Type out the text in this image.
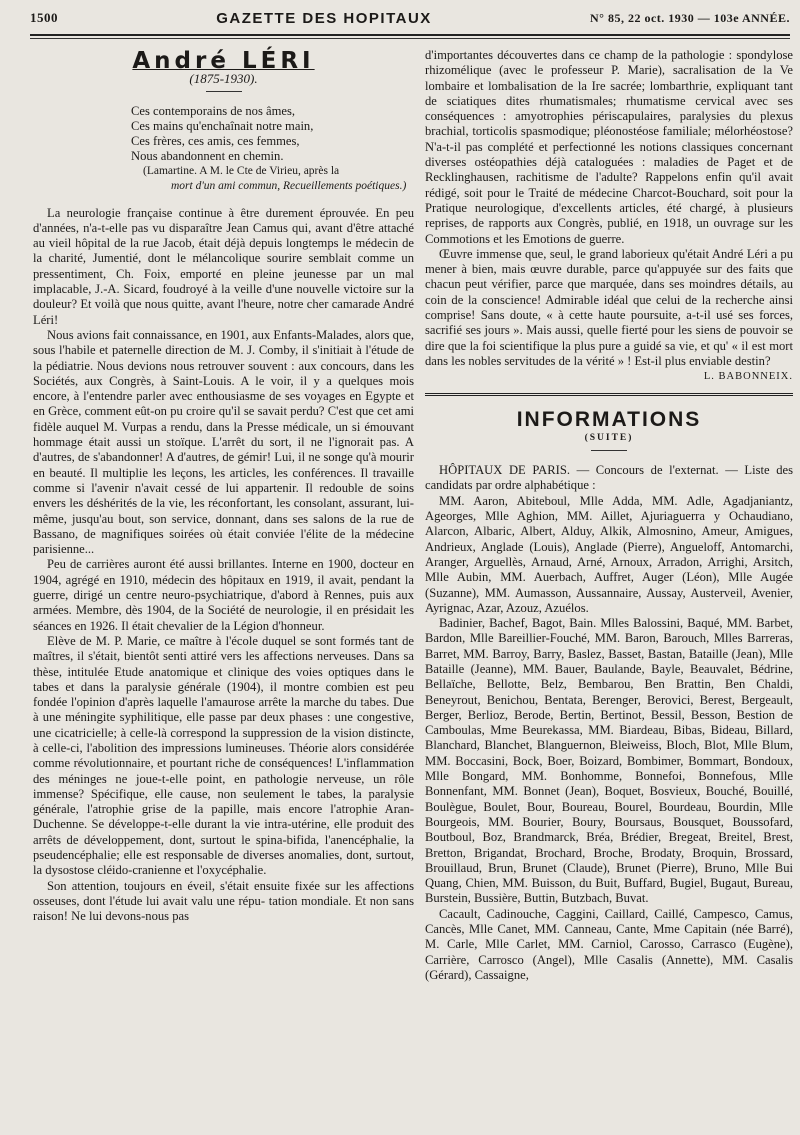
1500	GAZETTE DES HOPITAUX	N° 85, 22 oct. 1930 — 103e ANNÉE.
André LÉRI
(1875-1930).
Ces contemporains de nos âmes,
Ces mains qu'enchaînait notre main,
Ces frères, ces amis, ces femmes,
Nous abandonnent en chemin.
(Lamartine. A M. le Cte de Virieu, après la
mort d'un ami commun, Recueillements poétiques.)

La neurologie française continue à être durement éprouvée. En peu d'années, n'a-t-elle pas vu disparaître Jean Camus qui, avant d'être attaché au vieil hôpital de la rue Jacob, était déjà depuis longtemps le médecin de la charité, Jumentié, dont le mélancolique sourire semblait comme un pressentiment, Ch. Foix, emporté en pleine jeunesse par un mal implacable, J.-A. Sicard, foudroyé à la veille d'une nouvelle victoire sur la douleur? Et voilà que nous quitte, avant l'heure, notre cher camarade André Léri!

Nous avions fait connaissance, en 1901, aux Enfants-Malades, alors que, sous l'habile et paternelle direction de M. J. Comby, il s'initiait à l'étude de la pédiatrie. Nous devions nous retrouver souvent : aux concours, dans les Sociétés, aux Congrès, à Saint-Louis. A le voir, il y a quelques mois encore, à l'entendre parler avec enthousiasme de ses voyages en Egypte et en Grèce, comment eût-on pu croire qu'il se savait perdu? C'est que cet ami fidèle auquel M. Vurpas a rendu, dans la Presse médicale, un si émouvant hommage était aussi un stoïque. L'arrêt du sort, il ne l'ignorait pas. A d'autres, de s'abandonner! A d'autres, de gémir! Lui, il ne songe qu'à mourir en beauté. Il multiplie les leçons, les articles, les conférences. Il travaille comme si l'avenir n'avait cessé de lui appartenir. Il redouble de soins envers les déshérités de la vie, les réconfortant, les consolant, assurant, lui-même, jusqu'au bout, son service, donnant, dans ses salons de la rue de Bassano, de magnifiques soirées où était conviée l'élite de la médecine parisienne...

Peu de carrières auront été aussi brillantes. Interne en 1900, docteur en 1904, agrégé en 1910, médecin des hôpitaux en 1919, il avait, pendant la guerre, dirigé un centre neuro-psychiatrique, d'abord à Rennes, puis aux armées. Membre, dès 1904, de la Société de neurologie, il en présidait les séances en 1926. Il était chevalier de la Légion d'honneur.

Elève de M. P. Marie, ce maître à l'école duquel se sont formés tant de maîtres, il s'était, bientôt senti attiré vers les affections nerveuses. Dans sa thèse, intitulée Etude anatomique et clinique des voies optiques dans le tabes et dans la paralysie générale (1904), il montre combien est peu fondée l'opinion d'après laquelle l'amaurose arrête la marche du tabes. Due à une méningite syphilitique, elle passe par deux phases : une congestive, une cicatricielle; à celle-là correspond la suppression de la vision distincte, à celle-ci, l'abolition des impressions lumineuses. Théorie alors considérée comme révolutionnaire, et pourtant riche de conséquences! L'inflammation des méninges ne joue-t-elle point, en pathologie nerveuse, un rôle immense? Spécifique, elle cause, non seulement le tabes, la paralysie générale, l'atrophie grise de la papille, mais encore l'atrophie Aran-Duchenne. Se développe-t-elle durant la vie intra-utérine, elle produit des arrêts de développement, dont, surtout le spina-bifida, l'anencéphalie, la pseudencéphalie; elle est responsable de diverses anomalies, dont, surtout, la dysostose cléido-cranienne et l'oxycéphalie.

Son attention, toujours en éveil, s'était ensuite fixée sur les affections osseuses, dont l'étude lui avait valu une répu- tation mondiale. Et non sans raison! Ne lui devons-nous pas

d'importantes découvertes dans ce champ de la pathologie : spondylose rhizomélique (avec le professeur P. Marie), sacralisation de la Ve lombaire et lombalisation de la Ire sacrée; lombarthrie, expliquant tant de sciatiques dites rhumatismales; rhumatisme cervical avec ses conséquences : amyotrophies périscapulaires, paralysies du plexus brachial, torticolis spasmodique; pléonostéose familiale; mélorhéostose? N'a-t-il pas complété et perfectionné les notions classiques concernant diverses ostéopathies déjà cataloguées : maladies de Paget et de Recklinghausen, rachitisme de l'adulte? Rappelons enfin qu'il avait rédigé, soit pour le Traité de médecine Charcot-Bouchard, soit pour la Pratique neurologique, d'excellents articles, été chargé, à plusieurs reprises, de rapports aux Congrès, publié, en 1918, un ouvrage sur les Commotions et les Emotions de guerre.

Œuvre immense que, seul, le grand laborieux qu'était André Léri a pu mener à bien, mais œuvre durable, parce qu'appuyée sur des faits que chacun peut vérifier, parce que marquée, dans ses moindres détails, au coin de la conscience! Admirable idéal que celui de la recherche ainsi comprise! Sans doute, « à cette haute poursuite, a-t-il usé ses forces, sacrifié ses jours ». Mais aussi, quelle fierté pour les siens de pouvoir se dire que la foi scientifique la plus pure a guidé sa vie, et qu' « il est mort dans les nobles servitudes de la vérité » ! Est-il plus enviable destin?

L. BABONNEIX.
INFORMATIONS
(SUITE)

HÔPITAUX DE PARIS. — Concours de l'externat. — Liste des candidats par ordre alphabétique :

MM. Aaron, Abiteboul, Mlle Adda, MM. Adle, Agadjaniantz, Ageorges, Mlle Aghion, MM. Aillet, Ajuriaguerra y Ochaudiano, Alarcon, Albaric, Albert, Alduy, Alkik, Almosnino, Ameur, Amigues, Andrieux, Anglade (Louis), Anglade (Pierre), Angueloff, Antomarchi, Aranger, Arguellès, Arnaud, Arné, Arnoux, Arradon, Arrighi, Arsitch, Mlle Aubin, MM. Auerbach, Auffret, Auger (Léon), Mlle Augée (Suzanne), MM. Aumasson, Aussannaire, Aussay, Austerveil, Avenier, Ayrignac, Azar, Azouz, Azuélos.

Badinier, Bachef, Bagot, Bain. Mlles Balossini, Baqué, MM. Barbet, Bardon, Mlle Bareillier-Fouché, MM. Baron, Barouch, Mlles Barreras, Barret, MM. Barroy, Barry, Baslez, Basset, Bastan, Bataille (Jean), Mlle Bataille (Jeanne), MM. Bauer, Baulande, Bayle, Beauvalet, Bédrine, Bellaïche, Bellotte, Belz, Bembarou, Ben Brattin, Ben Chaldi, Beneyrout, Benichou, Bentata, Berenger, Berovici, Berest, Bergeault, Berger, Berlioz, Berode, Bertin, Bertinot, Bessil, Besson, Bestion de Camboulas, Mme Beurekassa, MM. Biardeau, Bibas, Bideau, Billard, Blanchard, Blanchet, Blanguernon, Bleiweiss, Bloch, Blot, Mlle Blum, MM. Boccasini, Bock, Boer, Boizard, Bombimer, Bommart, Bondoux, Mlle Bongard, MM. Bonhomme, Bonnefoi, Bonnefous, Mlle Bonnenfant, MM. Bonnet (Jean), Boquet, Bosvieux, Bouché, Bouillé, Boulègue, Boulet, Bour, Boureau, Bourel, Bourdeau, Bourdin, Mlle Bourgeois, MM. Bourier, Boury, Boursaus, Bousquet, Boussofard, Boutboul, Boz, Brandmarck, Bréa, Brédier, Bregeat, Breitel, Brest, Bretton, Brigandat, Brochard, Broche, Brodaty, Broquin, Brossard, Brouillaud, Brun, Brunet (Claude), Brunet (Pierre), Bruno, Mlle Bui Quang, Chien, MM. Buisson, du Buit, Buffard, Bugiel, Bugaut, Bureau, Burstein, Bussière, Buttin, Butzbach, Buvat.

Cacault, Cadinouche, Caggini, Caillard, Caillé, Campesco, Camus, Cancès, Mlle Canet, MM. Canneau, Cante, Mme Capitain (née Barré), M. Carle, Mlle Carlet, MM. Carniol, Carosso, Carrasco (Eugène), Carrière, Carrosco (Angel), Mlle Casalis (Annette), MM. Casalis (Gérard), Cassaigne,
